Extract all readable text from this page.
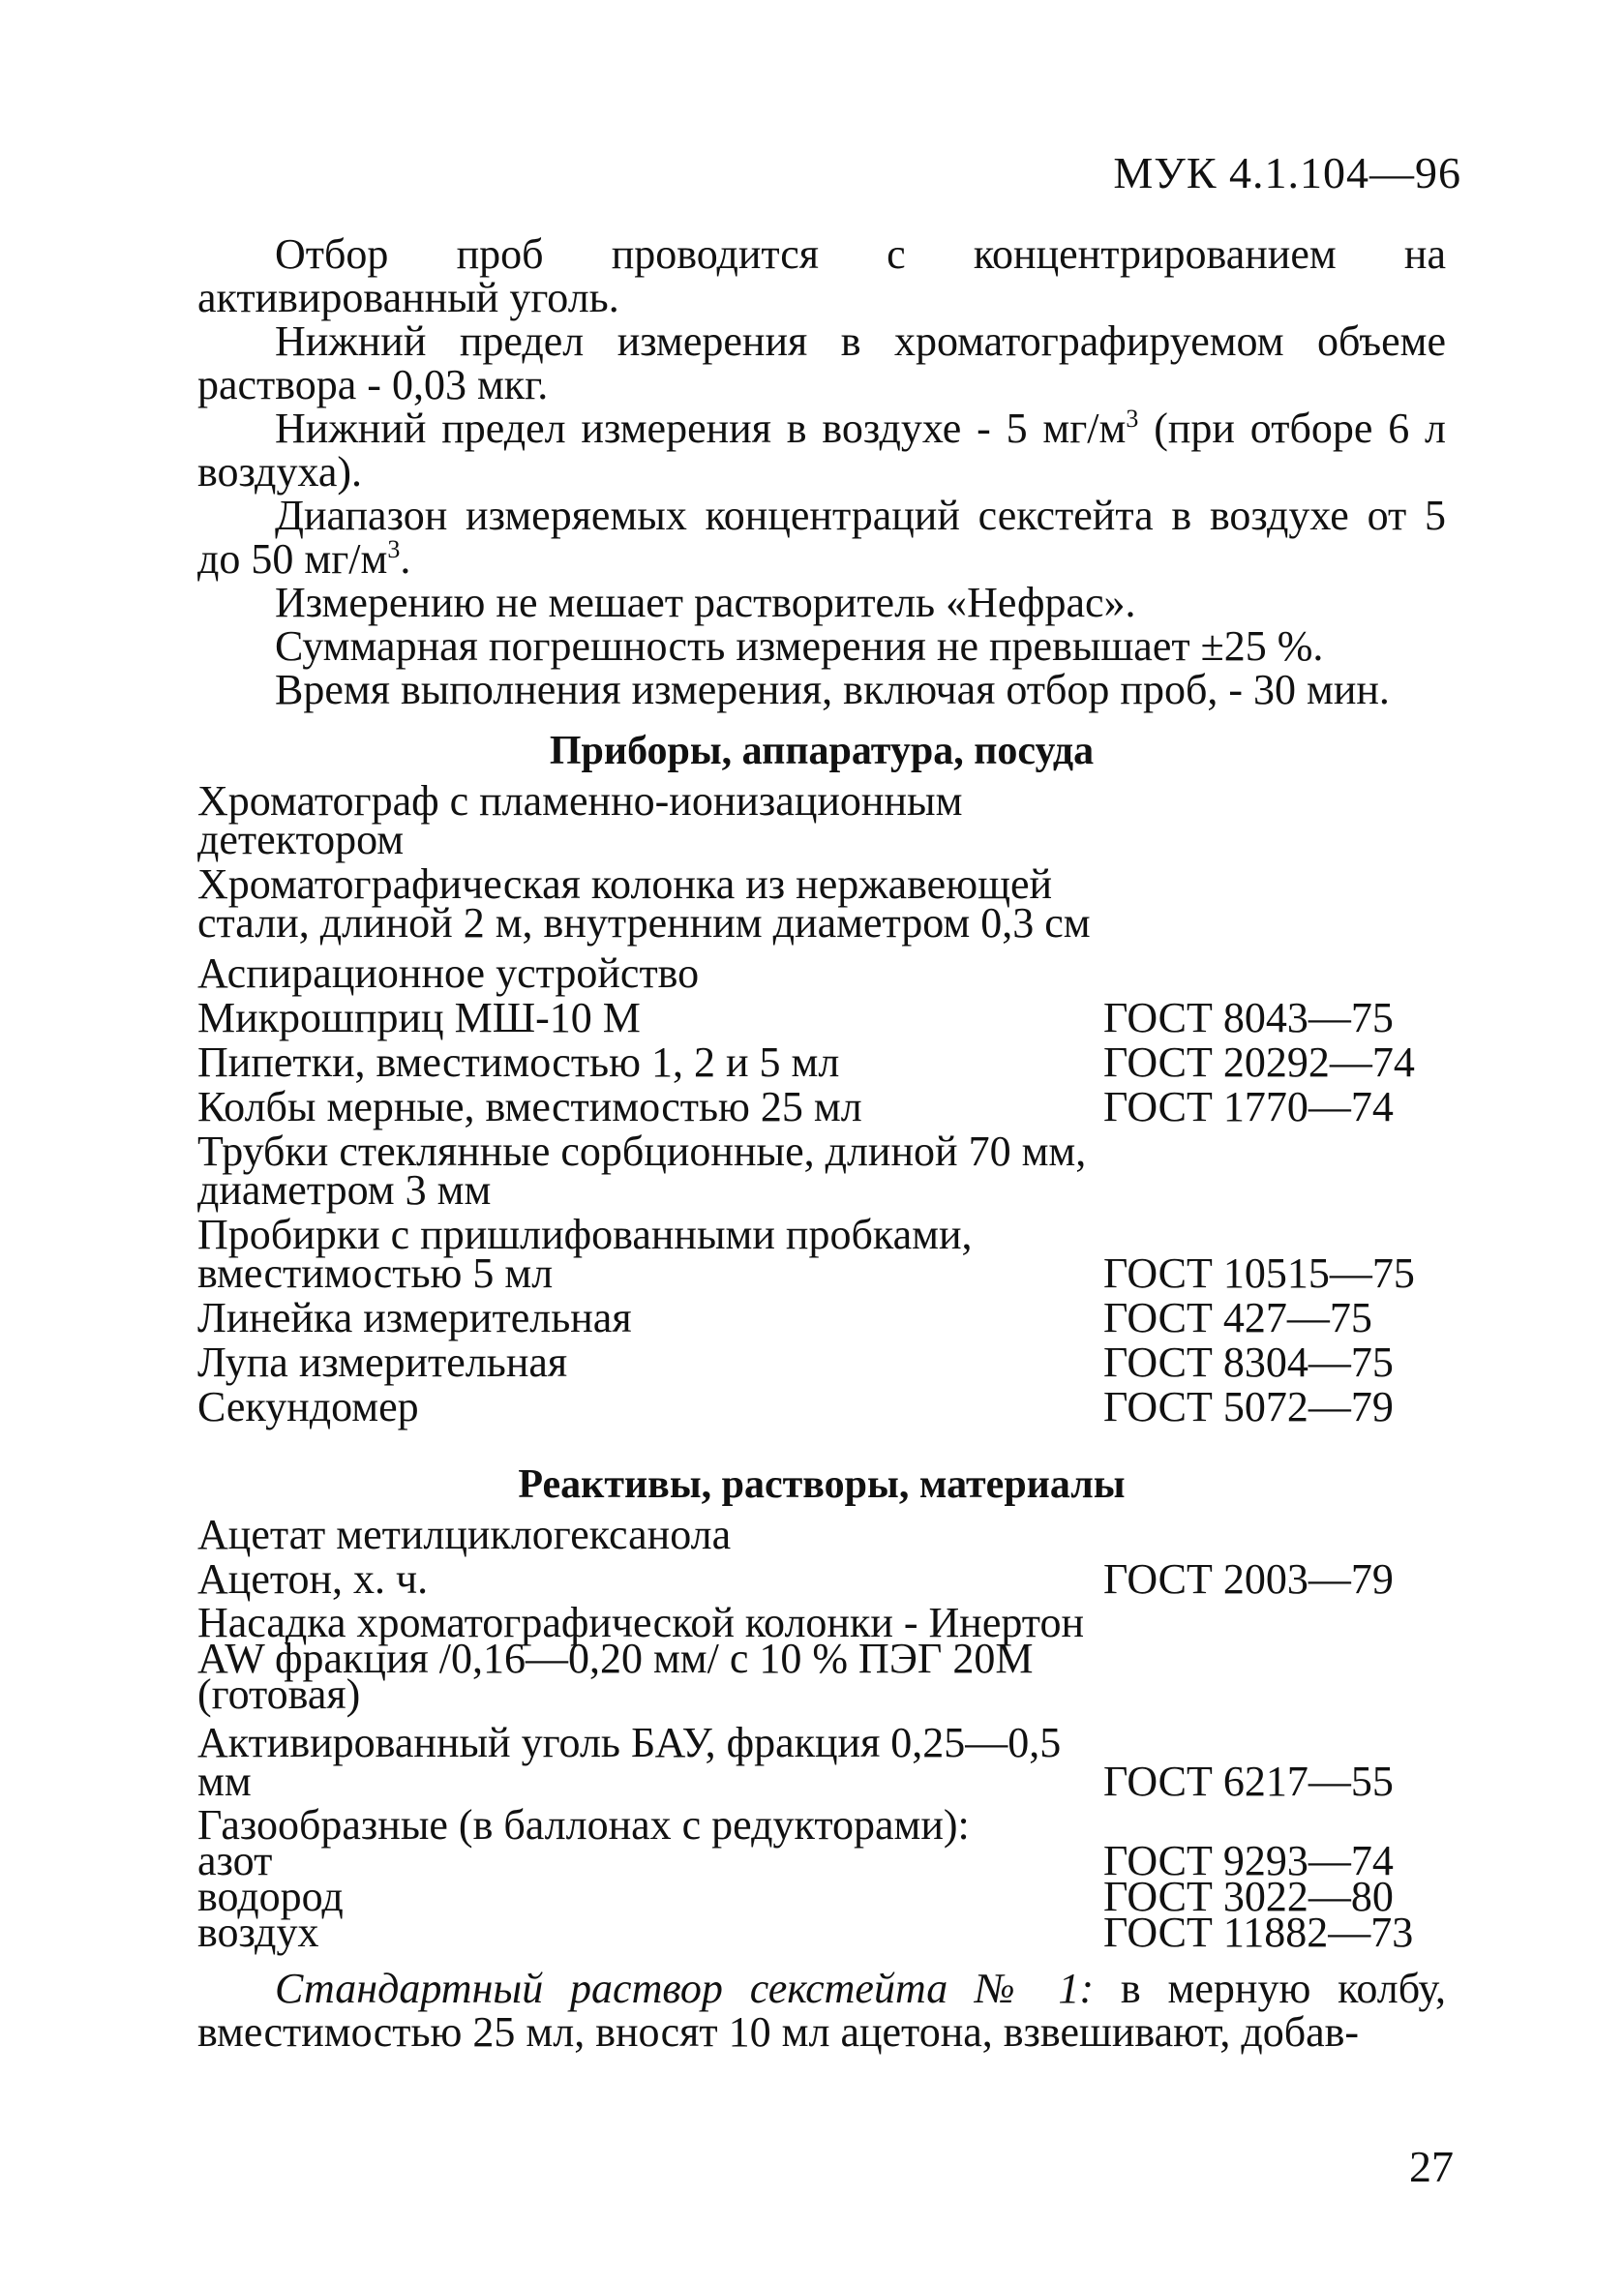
МУК 4.1.104—96

Отбор проб проводится с концентрированием на активированный уголь.

Нижний предел измерения в хроматографируемом объеме раствора - 0,03 мкг.

Нижний предел измерения в воздухе - 5 $мг/м^3$ (при отборе 6 л воздуха).

Диапазон измеряемых концентраций секстейта в воздухе от 5 до 50 $мг/м^3$.

Измерению не мешает растворитель «Нефрас».

Суммарная погрешность измерения не превышает ±25 %.

Время выполнения измерения, включая отбор проб, - 30 мин.

Приборы, аппаратура, посуда
Хроматограф с пламенно-ионизационным детектором
Хроматографическая колонка из нержавеющей стали, длиной 2 м, внутренним диаметром 0,3 см
Аспирационное устройство
Микрошприц МШ-10 М	ГОСТ 8043—75
Пипетки, вместимостью 1, 2 и 5 мл	ГОСТ 20292—74
Колбы мерные, вместимостью 25 мл	ГОСТ 1770—74
Трубки стеклянные сорбционные, длиной 70 мм, диаметром 3 мм
Пробирки с пришлифованными пробками, вместимостью 5 мл	ГОСТ 10515—75
Линейка измерительная	ГОСТ 427—75
Лупа измерительная	ГОСТ 8304—75
Секундомер	ГОСТ 5072—79
Реактивы, растворы, материалы
Ацетат метилциклогексанола
Ацетон, х. ч.	ГОСТ 2003—79
Насадка хроматографической колонки - Инертон AW фракция /0,16—0,20 мм/ с 10 % ПЭГ 20М (готовая)
Активированный уголь БАУ, фракция 0,25—0,5 мм	ГОСТ 6217—55
Газообразные (в баллонах с редукторами):
азот	ГОСТ 9293—74
водород	ГОСТ 3022—80
воздух	ГОСТ 11882—73

Стандартный раствор секстейта № 1: в мерную колбу, вместимостью 25 мл, вносят 10 мл ацетона, взвешивают, добав-

27
